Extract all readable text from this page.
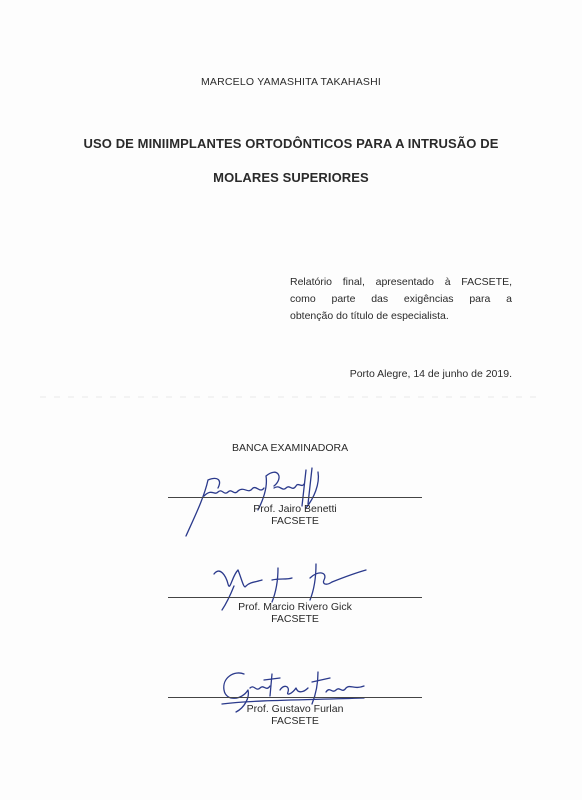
MARCELO YAMASHITA TAKAHASHI
USO DE MINIIMPLANTES ORTODÔNTICOS PARA A INTRUSÃO DE
MOLARES SUPERIORES
Relatório final, apresentado à FACSETE,
como parte das exigências para a
obtenção do título de especialista.
Porto Alegre, 14 de junho de 2019.
BANCA EXAMINADORA
Prof. Jairo Benetti
FACSETE
Prof. Marcio Rivero Gick
FACSETE
Prof. Gustavo Furlan
FACSETE
